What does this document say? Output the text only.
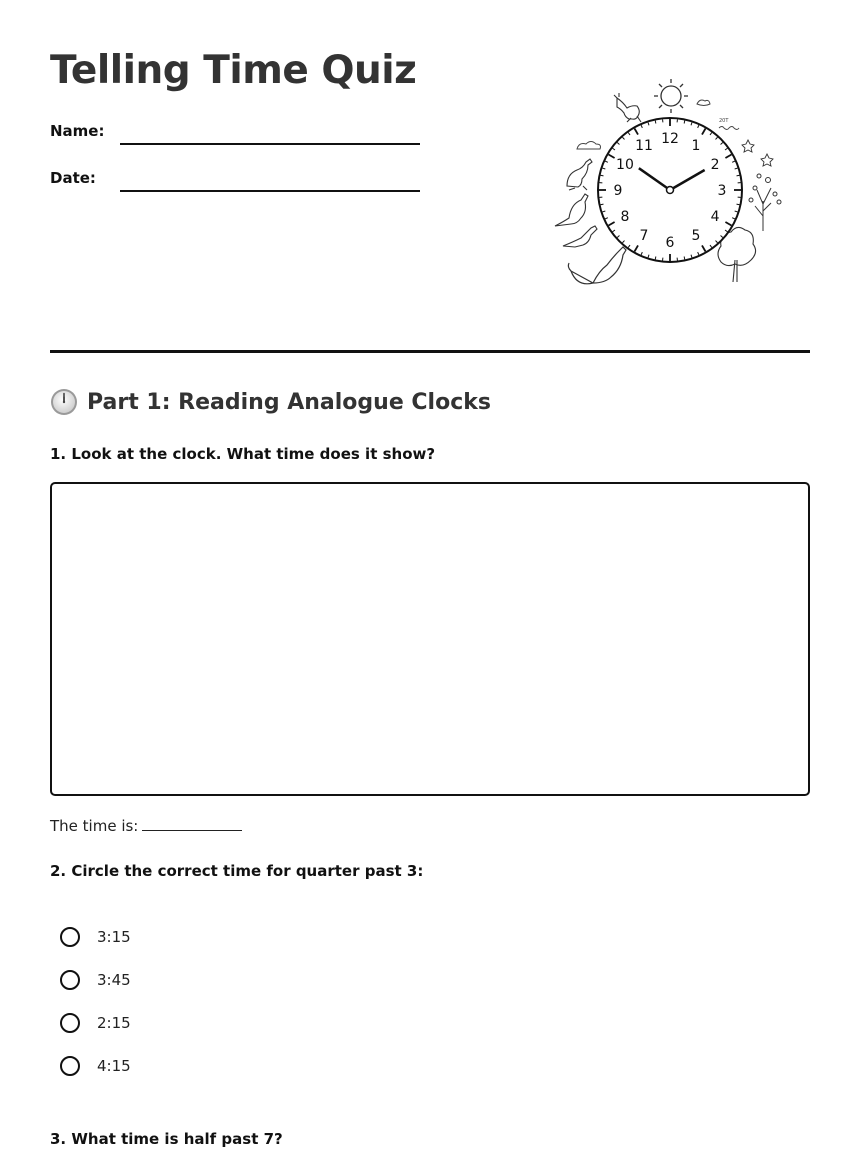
Telling Time Quiz
Name:
Date:
20T
12 1
2
3
4
5
6
7
8
9
10
11
Part 1: Reading Analogue Clocks

1. Look at the clock. What time does it show?

The time is:

2. Circle the correct time for quarter past 3:

3:15
3:45
2:15
4:15

3. What time is half past 7?
